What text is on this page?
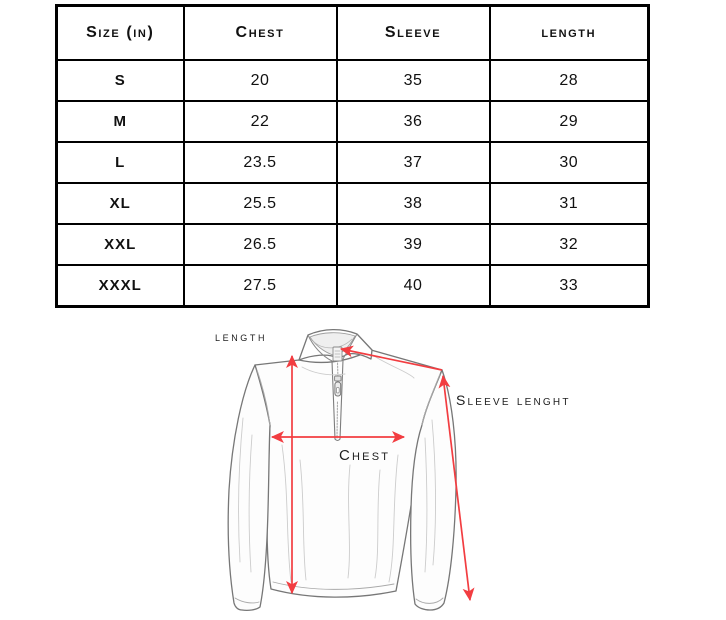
Size (in)	Chest	Sleeve	length
S	20	35	28
M	22	36	29
L	23.5	37	30
XL	25.5	38	31
XXL	26.5	39	32
XXXL	27.5	40	33
length
Sleeve lenght
Chest
